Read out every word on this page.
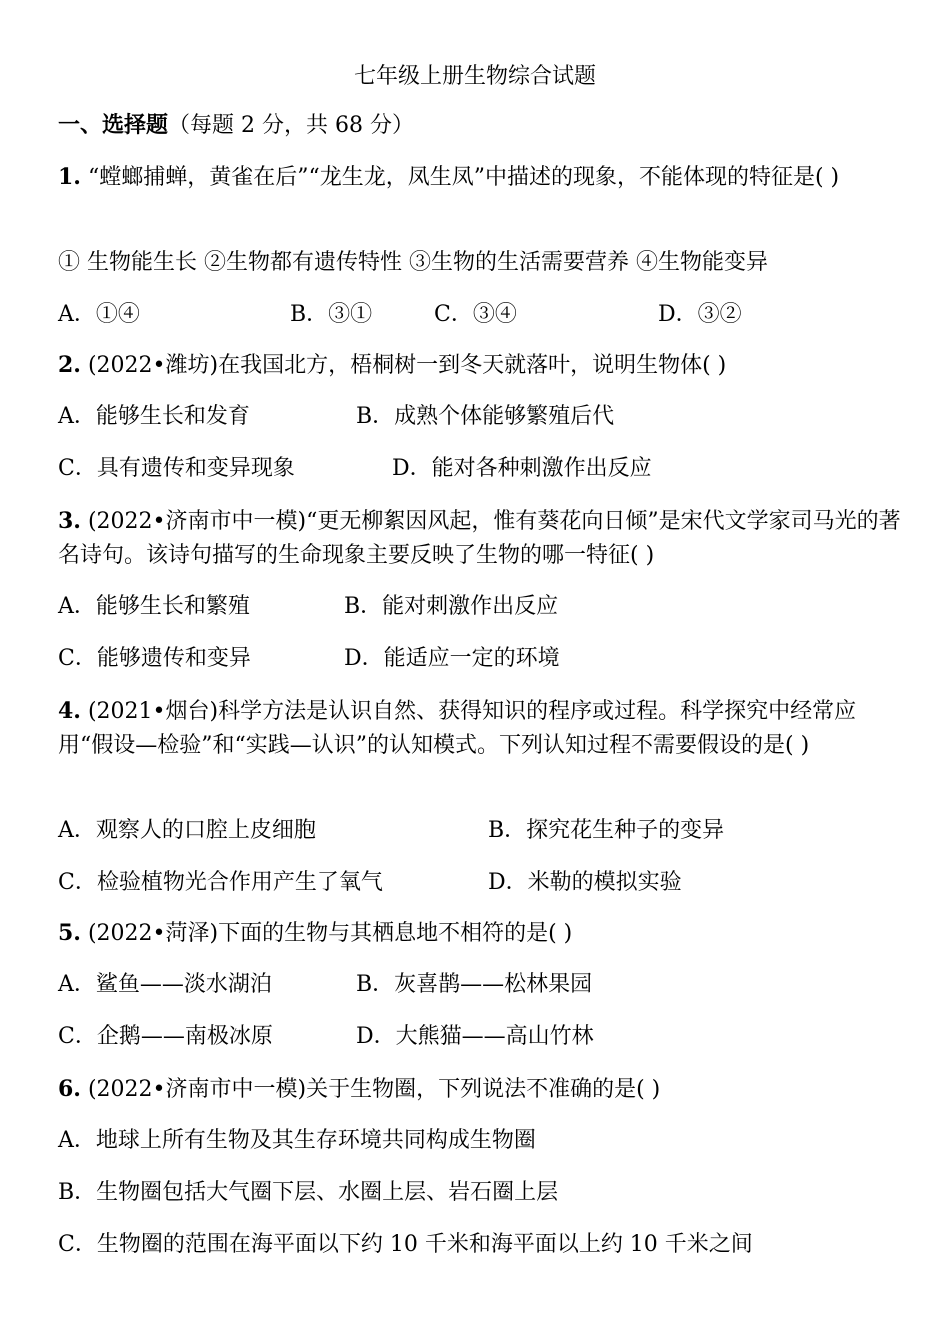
七年级上册生物综合试题
一、选择题（每题 2 分，共 68 分）
1. “螳螂捕蝉，黄雀在后”“龙生龙，凤生凤”中描述的现象，不能体现的特征是( )
① 生物能生长 ②生物都有遗传特性 ③生物的生活需要营养 ④生物能变异
A．①④	B．③①	C．③④	D．③②
2. (2022•潍坊)在我国北方，梧桐树一到冬天就落叶，说明生物体( )
A．能够生长和发育	B．成熟个体能够繁殖后代
C．具有遗传和变异现象	D．能对各种刺激作出反应
3. (2022•济南市中一模)“更无柳絮因风起，惟有葵花向日倾”是宋代文学家司马光的著名诗句。该诗句描写的生命现象主要反映了生物的哪一特征( )
A．能够生长和繁殖	B．能对刺激作出反应
C．能够遗传和变异	D．能适应一定的环境
4. (2021•烟台)科学方法是认识自然、获得知识的程序或过程。科学探究中经常应用“假设—检验”和“实践—认识”的认知模式。下列认知过程不需要假设的是( )
A．观察人的口腔上皮细胞	B．探究花生种子的变异
C．检验植物光合作用产生了氧气	D．米勒的模拟实验
5. (2022•菏泽)下面的生物与其栖息地不相符的是( )
A．鲨鱼——淡水湖泊	B．灰喜鹊——松林果园
C．企鹅——南极冰原	D．大熊猫——高山竹林
6. (2022•济南市中一模)关于生物圈，下列说法不准确的是( )
A．地球上所有生物及其生存环境共同构成生物圈
B．生物圈包括大气圈下层、水圈上层、岩石圈上层
C．生物圈的范围在海平面以下约 10 千米和海平面以上约 10 千米之间
